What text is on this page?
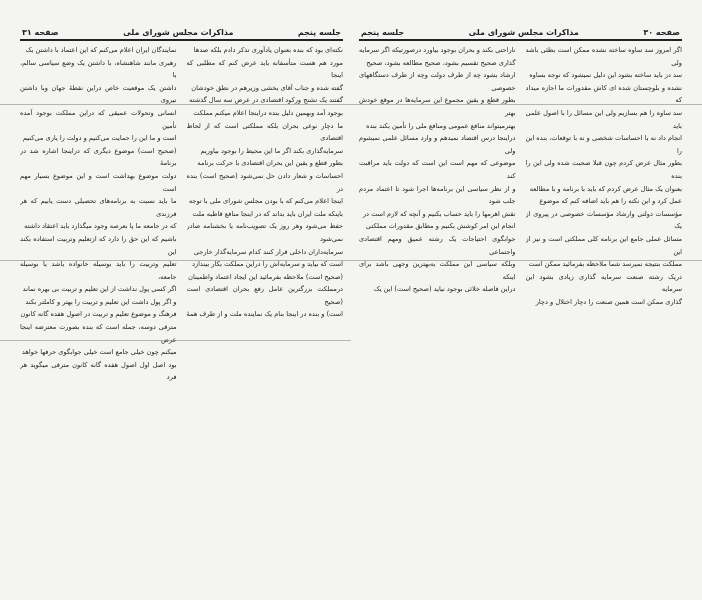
جلسه پنجم
مذاکرات مجلس شورای ملی
صفحه ۳۱

نکته‌ای بود که بنده بعنوان یادآوری تذکر دادم بلکه صدها

مورد هم هست متأسفانه باید عرض کنم که مطلبی که اینجا

گفته شده و جناب آقای بخشی وزیرهم در نطق خودشان

گفتند یک تشنج ورکود اقتصادی در عرض سه سال گذشته

بوجود آمد وبهمین دلیل بنده دراینجا اعلام میکنم مملکت

ما دچار نوعی بحران بلکه مملکتی است که از لحاظ اقتصادی

سرمایه‌گذاری بکند اگر ما این محیط را بوجود بیاوریم

بطور قطع و یقین این بحران اقتصادی با حرکت برنامه

احساسات و شعار دادن حل نمی‌شود (صحیح است) بنده در

اینجا اعلام می‌کنم که با بودن مجلس شورای ملی با توجه

باینکه ملت ایران باید بداند که در اینجا منافع قاطبه ملت

حفظ می‌شود وهر روز یک تصویب‌نامه یا بخشنامه صادر نمی‌شود

سرمایه‌داران داخلی قرار کنند کدام سرمایه‌گذار خارجی

است که بیاید و سرمایه‌اش را دراین مملکت بکار بیندازد

(صحیح است) ملاحظه بفرمائید این ایجاد اعتماد واطمینان

درمملکت بزرگترین عامل رفع بحران اقتصادی است (صحیح

است) و بنده در اینجا بنام یک نماینده ملت و از طرف همهٔ

نمایندگان ایران اعلام می‌کنم که این اعتماد با داشتن یک

رهبری مانند شاهنشاه، با داشتن یک وضع سیاسی سالم، با

داشتن یک موقعیت خاص دراین نقطهٔ جهان وبا داشتن نیروی

انسانی وتحولات عمیقی که دراین مملکت بوجود آمده تأمین

است و ما این را حمایت می‌کنیم و دولت را یاری می‌کنیم

(صحیح است) موضوع دیگری که دراینجا اشاره شد در برنامهٔ

دولت موضوع بهداشت است و این موضوع بسیار مهم است

ما باید نسبت به برنامه‌های تحصیلی دست یابیم که هر فرزندی

که در جامعه ما پا بعرصه وجود میگذارد باید اعتقاد داشته

باشیم که این حق را دارد که ازتعلیم وتربیت استفاده بکند این

تعلیم وتربیت را باید بوسیله خانواده باشد یا بوسیله جامعه،

اگر کسی پول نداشت از این تعلیم و تربیت بی بهره نماند

و اگر پول داشت این تعلیم و تربیت را بهتر و کاملتر بکند

فرهنگ و موضوع تعلیم و تربیت در اصول هفده گانه کانون

مترقی دوسه، جمله است که بنده بصورت معترضه اینجا عرض

میکنم چون خیلی جامع است خیلی جوابگوی حرفها خواهد

بود اصل اول اصول هفده گانه کانون مترقی میگوید هر فرد

صفحه ۳۰
مذاکرات مجلس شورای ملی
جلسه پنجم

اگر امروز سد ساوه ساخته نشده ممکن است بطئی باشد ولی

سد دز باید ساخته بشود این دلیل نمیشود که توجه بساوه

نشده و بلوچستان شده ای کاش مقدورات ما اجازه میداد که

سد ساوه را هم بسازیم ولی این مسائل را با اصول علمی باید

انجام داد نه با احساسات شخصی و نه با توقعات، بنده این را

بطور مثال عرض کردم چون قبلا صحبت شده ولی این را بنده

بعنوان یک مثال عرض کردم که باید با برنامه و با مطالعه

عمل کرد و این نکته را هم باید اضافه کنم که موضوع

مؤسسات دولتی وارشاد مؤسسات خصوصی در پیروی از یک

مسائل عملی جامع این برنامه کلی مملکتی است و نیز از این

مملکت بنتیجه نمیرسد شما ملاحظه بفرمائید ممکن است

دریک رشته صنعت سرمایه گذاری زیادی بشود این سرمایه

گذاری ممکن است همین صنعت را دچار اختلال و دچار

ناراحتی بکند و بحران بوجود بیاورد درصورتیکه اگر سرمایه

گذاری صحیح تقسیم بشود، صحیح مطالعه بشود، صحیح

ارشاد بشود چه از طرف دولت وچه از طرف دستگاههای خصوصی

بطور قطع و یقین مجموع این سرمایه‌ها در موقع خودش بهتر

بهترمیتواند منافع عمومی ومنافع ملی را تأمین بکند بنده

دراینجا درس اقتصاد نمیدهم و وارد مسائل علمی نمیشوم ولی

موضوعی که مهم است این است که دولت باید مراقبت کند

و از نظر سیاسی این برنامه‌ها اجرا شود تا اعتماد مردم جلب شود

نقش اهرمها را باید حساب بکنیم و آنچه که لازم است در

انجام این امر کوشش بکنیم و مطابق مقدورات مملکتی

جوابگوی احتیاجات یک رشته عمیق ومهم اقتصادی واجتماعی

وبلکه سیاسی این مملکت به‌بهترین وجهی باشد برای اینکه

دراین فاصله خلائی بوجود نیاید (صحیح است) این یک
